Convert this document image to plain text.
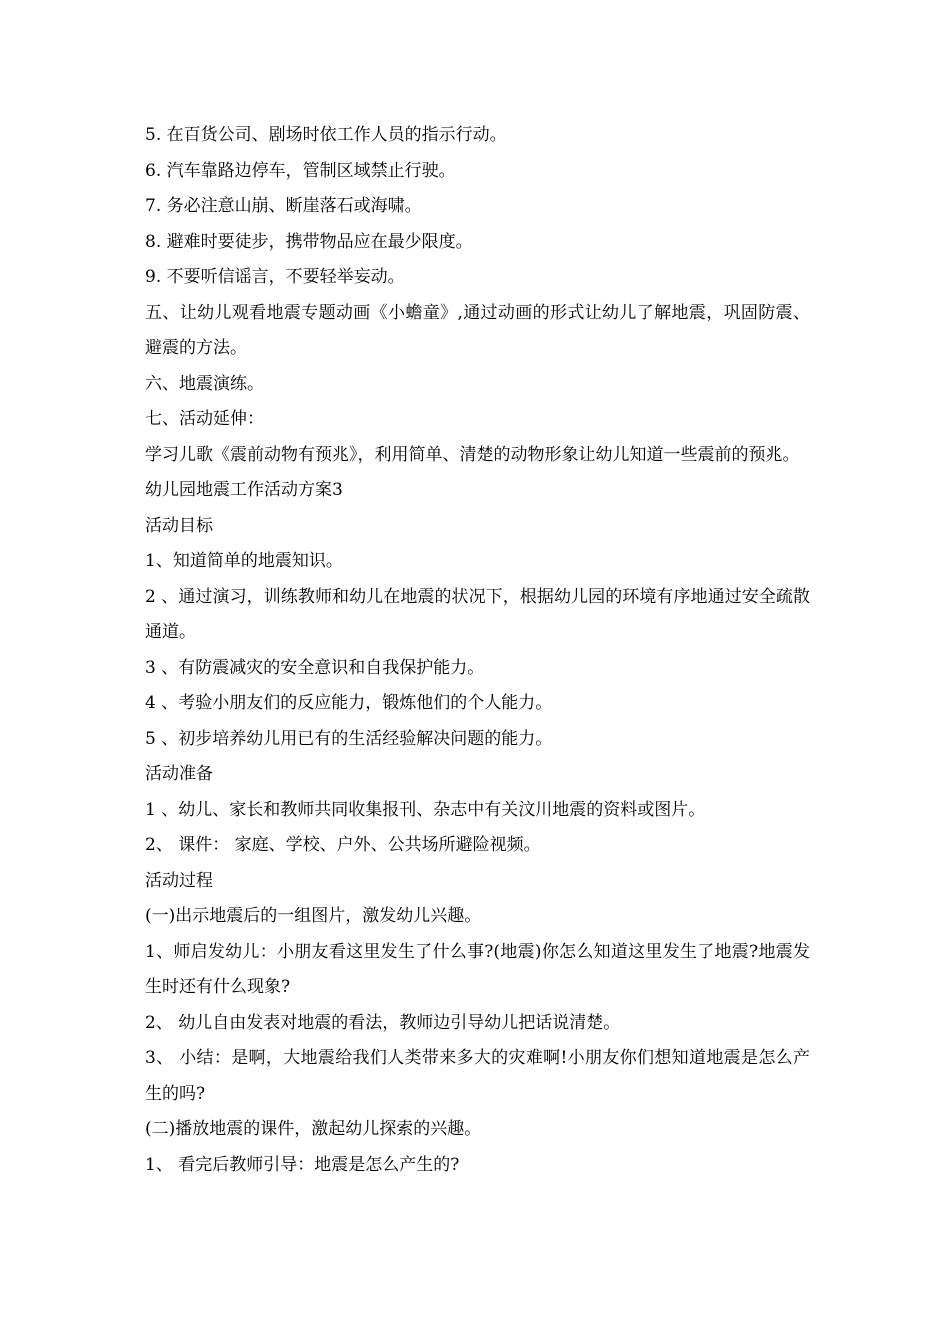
5. 在百货公司、剧场时依工作人员的指示行动。

6. 汽车靠路边停车，管制区域禁止行驶。

7. 务必注意山崩、断崖落石或海啸。

8. 避难时要徒步，携带物品应在最少限度。

9. 不要听信谣言，不要轻举妄动。

五、让幼儿观看地震专题动画《小蟾童》,通过动画的形式让幼儿了解地震，巩固防震、避震的方法。

六、地震演练。

七、活动延伸：

学习儿歌《震前动物有预兆》，利用简单、清楚的动物形象让幼儿知道一些震前的预兆。

幼儿园地震工作活动方案3

活动目标

1、知道简单的地震知识。

2 、通过演习，训练教师和幼儿在地震的状况下，根据幼儿园的环境有序地通过安全疏散通道。

3 、有防震减灾的安全意识和自我保护能力。

4 、考验小朋友们的反应能力，锻炼他们的个人能力。

5 、初步培养幼儿用已有的生活经验解决问题的能力。

活动准备

1 、幼儿、家长和教师共同收集报刊、杂志中有关汶川地震的资料或图片。

2、 课件： 家庭、学校、户外、公共场所避险视频。

活动过程

(一)出示地震后的一组图片，激发幼儿兴趣。

1、师启发幼儿：小朋友看这里发生了什么事?(地震)你怎么知道这里发生了地震?地震发生时还有什么现象?

2、 幼儿自由发表对地震的看法，教师边引导幼儿把话说清楚。

3、 小结：是啊，大地震给我们人类带来多大的灾难啊!小朋友你们想知道地震是怎么产生的吗?

(二)播放地震的课件，激起幼儿探索的兴趣。

1、 看完后教师引导：地震是怎么产生的?
